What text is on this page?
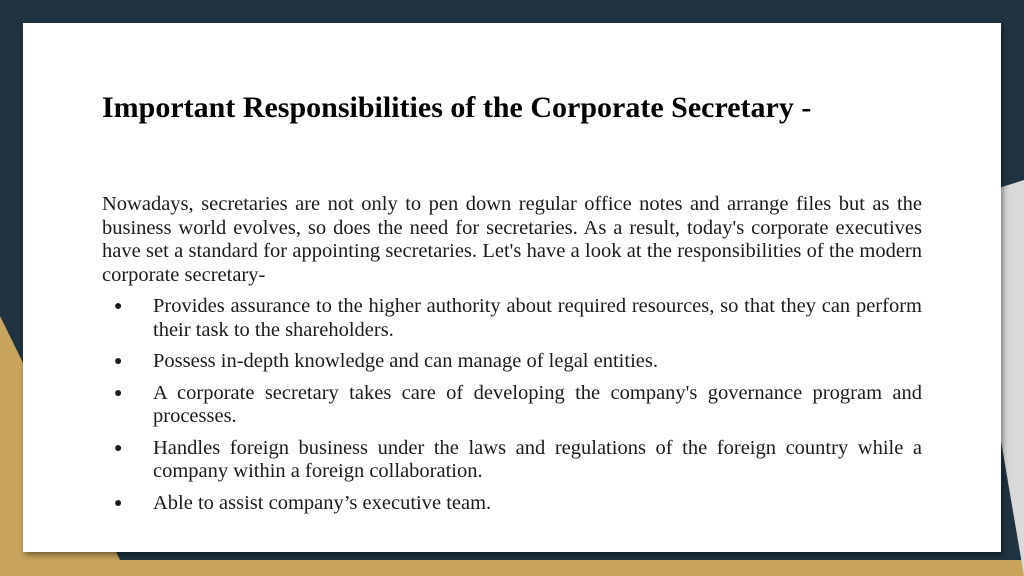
Important Responsibilities of the Corporate Secretary -

Nowadays, secretaries are not only to pen down regular office notes and arrange files but as the business world evolves, so does the need for secretaries. As a result, today's corporate executives have set a standard for appointing secretaries. Let's have a look at the responsibilities of the modern corporate secretary-

● Provides assurance to the higher authority about required resources, so that they can perform their task to the shareholders.
● Possess in-depth knowledge and can manage of legal entities.
● A corporate secretary takes care of developing the company's governance program and processes.
● Handles foreign business under the laws and regulations of the foreign country while a company within a foreign collaboration.
● Able to assist company’s executive team.
